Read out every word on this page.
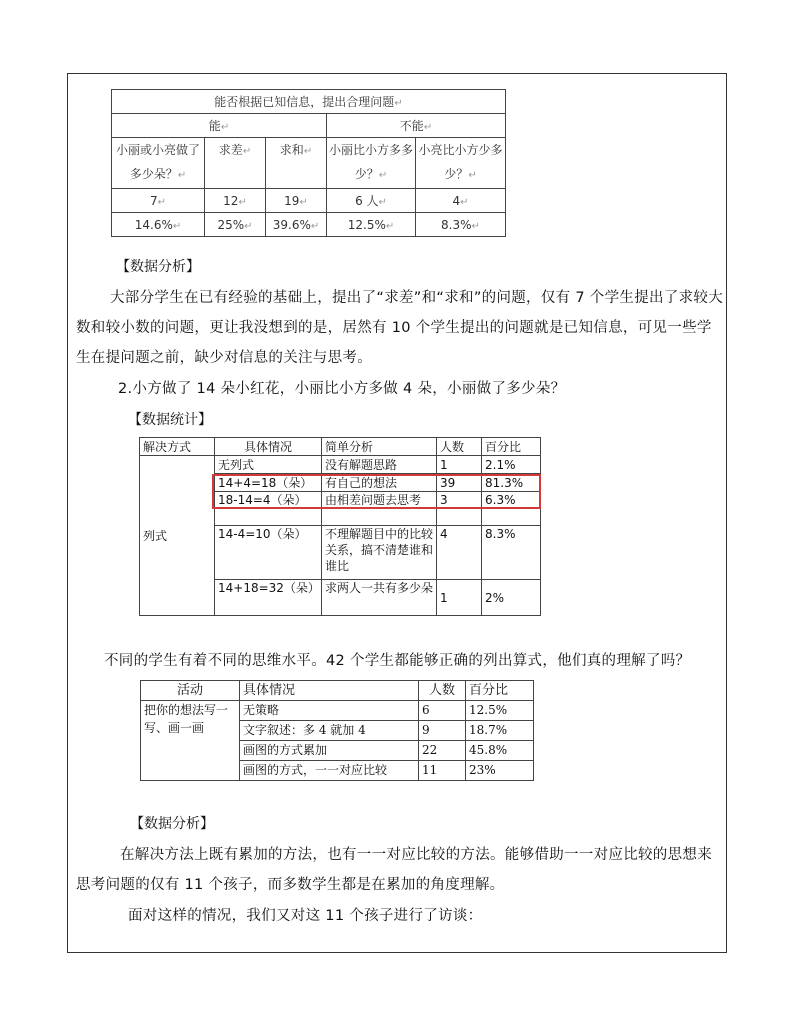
能否根据已知信息，提出合理问题↵				
能↵			不能↵	
小丽或小亮做了多少朵？↵	求差↵	求和↵	小丽比小方多多少？↵	小亮比小方少多少？↵
7↵	12↵	19↵	6 人↵	4↵
14.6%↵	25%↵	39.6%↵	12.5%↵	8.3%↵
【数据分析】
大部分学生在已有经验的基础上，提出了“求差”和“求和”的问题，仅有 7 个学生提出了求较大数和较小数的问题，更让我没想到的是，居然有 10 个学生提出的问题就是已知信息，可见一些学生在提问题之前，缺少对信息的关注与思考。
2.小方做了 14 朵小红花，小丽比小方多做 4 朵，小丽做了多少朵？
【数据统计】
解决方式	具体情况	简单分析	人数	百分比
列式	无列式	没有解题思路	1	2.1%
	14+4=18（朵）	有自己的想法	39	81.3%
	18-14=4（朵）	由相差问题去思考	3	6.3%
	14-4=10（朵）	不理解题目中的比较关系，搞不清楚谁和谁比	4	8.3%
	14+18=32（朵）	求两人一共有多少朵	1	2%
不同的学生有着不同的思维水平。42 个学生都能够正确的列出算式，他们真的理解了吗？
活动	具体情况	人数	百分比
把你的想法写一写、画一画	无策略	6	12.5%
	文字叙述：多 4 就加 4	9	18.7%
	画图的方式累加	22	45.8%
	画图的方式，一一对应比较	11	23%
【数据分析】
在解决方法上既有累加的方法，也有一一对应比较的方法。能够借助一一对应比较的思想来思考问题的仅有 11 个孩子，而多数学生都是在累加的角度理解。
面对这样的情况，我们又对这 11 个孩子进行了访谈：
